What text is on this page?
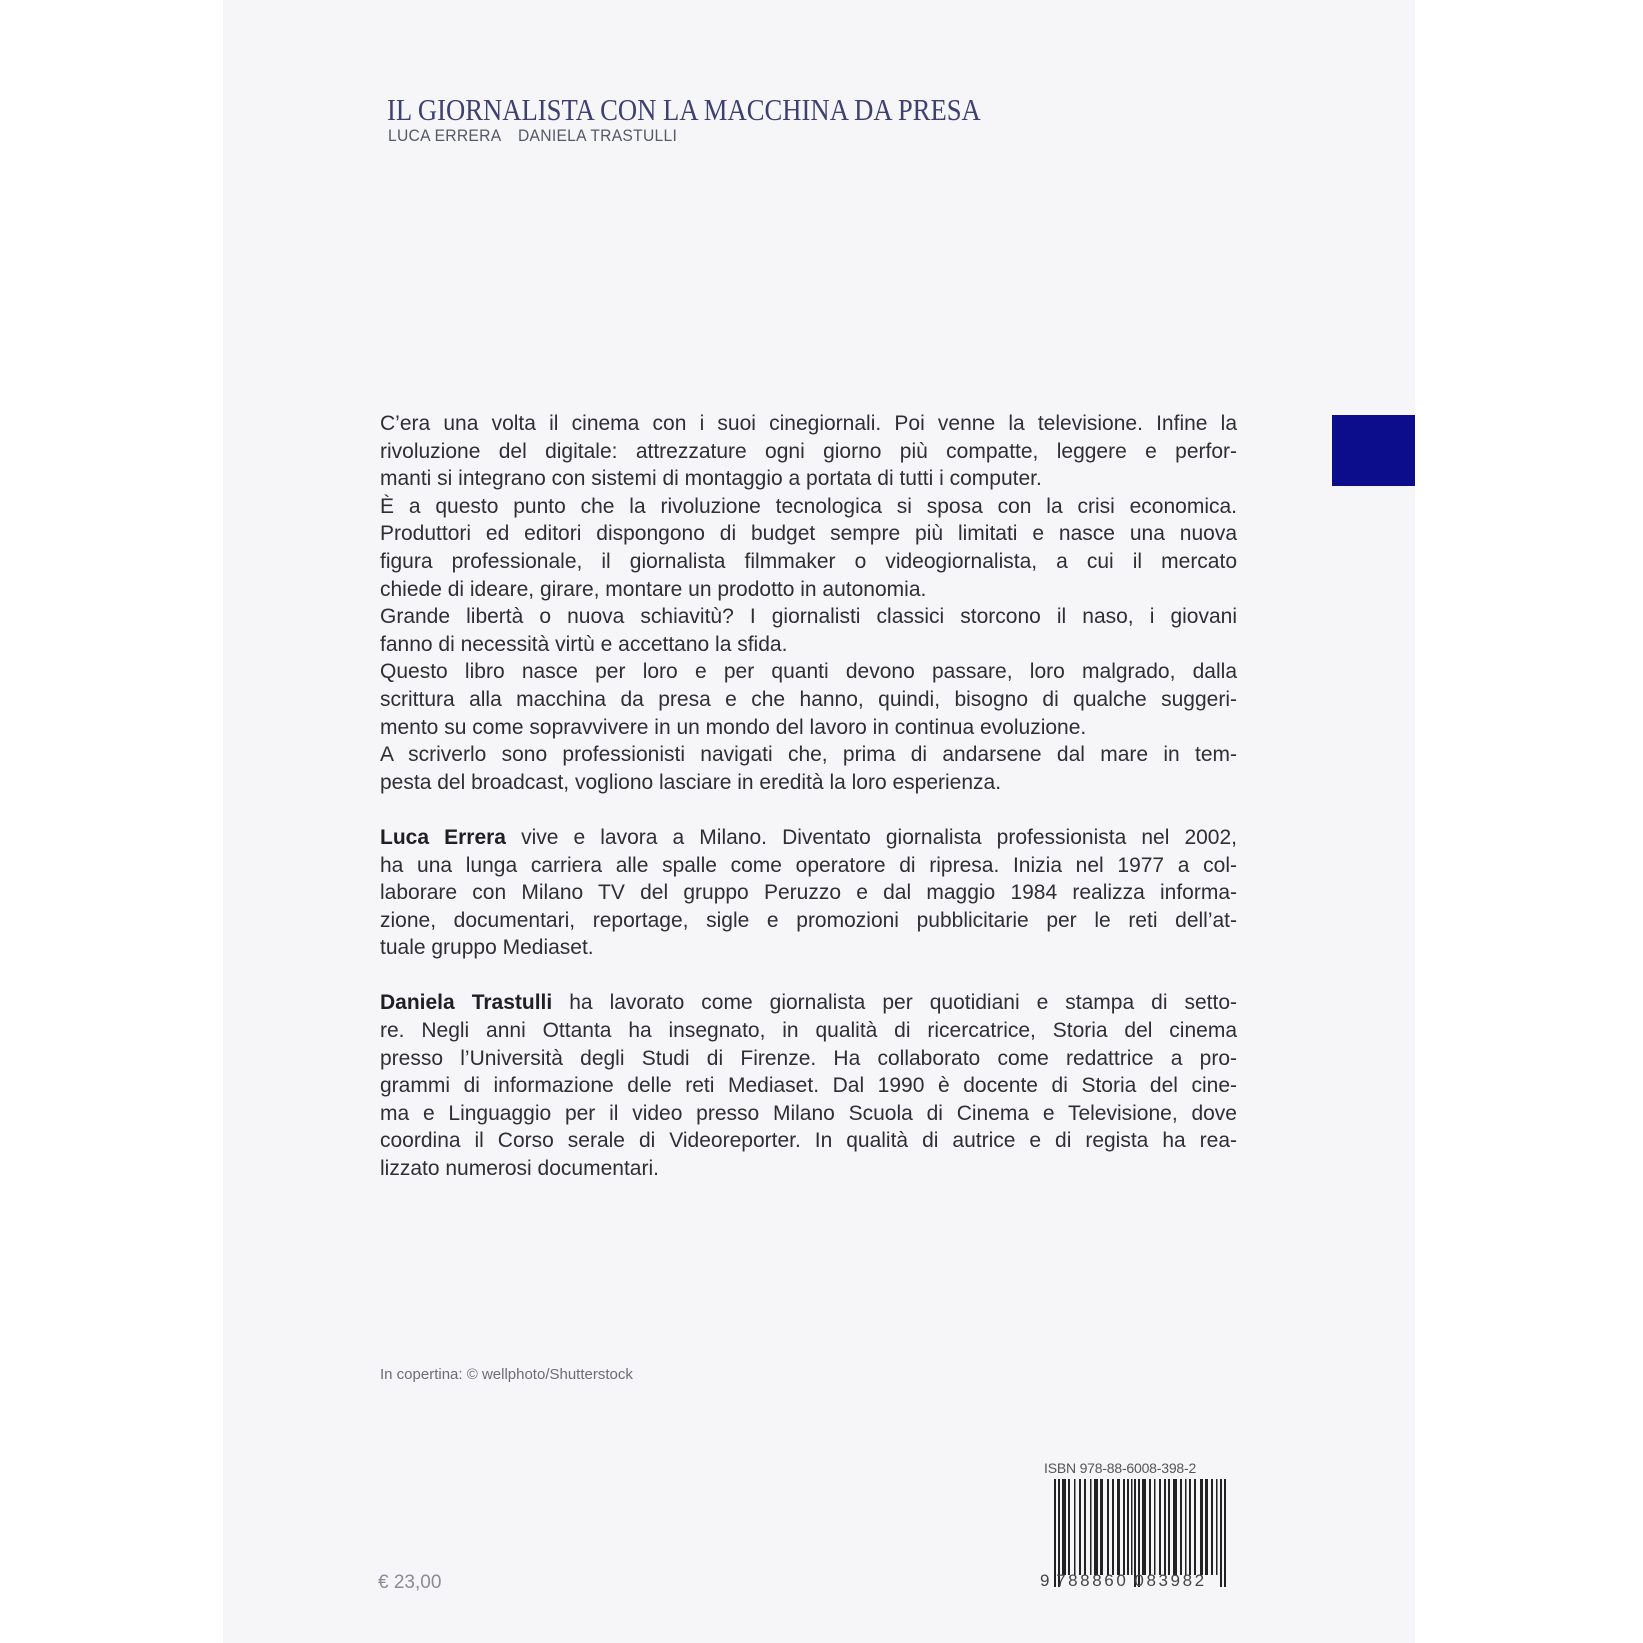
IL GIORNALISTA CON LA MACCHINA DA PRESA
LUCA ERRERA DANIELA TRASTULLI
C’era una volta il cinema con i suoi cinegiornali. Poi venne la televisione. Infine la
rivoluzione del digitale: attrezzature ogni giorno più compatte, leggere e perfor-
manti si integrano con sistemi di montaggio a portata di tutti i computer.
È a questo punto che la rivoluzione tecnologica si sposa con la crisi economica.
Produttori ed editori dispongono di budget sempre più limitati e nasce una nuova
figura professionale, il giornalista filmmaker o videogiornalista, a cui il mercato
chiede di ideare, girare, montare un prodotto in autonomia.
Grande libertà o nuova schiavitù? I giornalisti classici storcono il naso, i giovani
fanno di necessità virtù e accettano la sfida.
Questo libro nasce per loro e per quanti devono passare, loro malgrado, dalla
scrittura alla macchina da presa e che hanno, quindi, bisogno di qualche suggeri-
mento su come sopravvivere in un mondo del lavoro in continua evoluzione.
A scriverlo sono professionisti navigati che, prima di andarsene dal mare in tem-
pesta del broadcast, vogliono lasciare in eredità la loro esperienza.
Luca Errera vive e lavora a Milano. Diventato giornalista professionista nel 2002,
ha una lunga carriera alle spalle come operatore di ripresa. Inizia nel 1977 a col-
laborare con Milano TV del gruppo Peruzzo e dal maggio 1984 realizza informa-
zione, documentari, reportage, sigle e promozioni pubblicitarie per le reti dell’at-
tuale gruppo Mediaset.
Daniela Trastulli ha lavorato come giornalista per quotidiani e stampa di setto-
re. Negli anni Ottanta ha insegnato, in qualità di ricercatrice, Storia del cinema
presso l’Università degli Studi di Firenze. Ha collaborato come redattrice a pro-
grammi di informazione delle reti Mediaset. Dal 1990 è docente di Storia del cine-
ma e Linguaggio per il video presso Milano Scuola di Cinema e Televisione, dove
coordina il Corso serale di Videoreporter. In qualità di autrice e di regista ha rea-
lizzato numerosi documentari.
In copertina: © wellphoto/Shutterstock
€ 23,00
ISBN 978-88-6008-398-2
9 788860 083982
